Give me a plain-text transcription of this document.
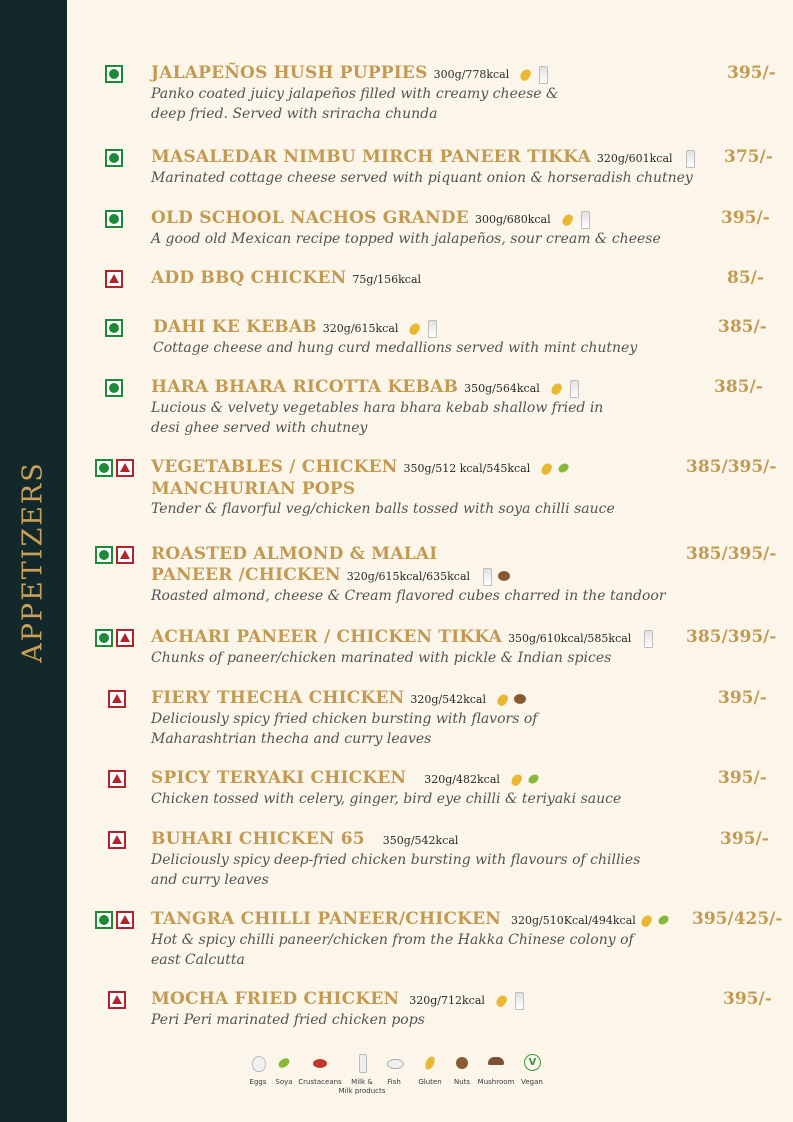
APPETIZERS
JALAPEÑOS HUSH PUPPIES 300g/778kcal
Panko coated juicy jalapeños filled with creamy cheese &
deep fried. Served with sriracha chunda
395/-
MASALEDAR NIMBU MIRCH PANEER TIKKA 320g/601kcal
Marinated cottage cheese served with piquant onion & horseradish chutney
375/-
OLD SCHOOL NACHOS GRANDE 300g/680kcal
A good old Mexican recipe topped with jalapeños, sour cream & cheese
395/-
ADD BBQ CHICKEN 75g/156kcal	85/-
DAHI KE KEBAB 320g/615kcal
Cottage cheese and hung curd medallions served with mint chutney
385/-
HARA BHARA RICOTTA KEBAB 350g/564kcal
Lucious & velvety vegetables hara bhara kebab shallow fried in
desi ghee served with chutney
385/-
VEGETABLES / CHICKEN 350g/512 kcal/545kcal
MANCHURIAN POPS
Tender & flavorful veg/chicken balls tossed with soya chilli sauce
385/395/-
ROASTED ALMOND & MALAI
PANEER /CHICKEN 320g/615kcal/635kcal
Roasted almond, cheese & Cream flavored cubes charred in the tandoor
385/395/-
ACHARI PANEER / CHICKEN TIKKA 350g/610kcal/585kcal
Chunks of paneer/chicken marinated with pickle & Indian spices
385/395/-
FIERY THECHA CHICKEN 320g/542kcal
Deliciously spicy fried chicken bursting with flavors of
Maharashtrian thecha and curry leaves
395/-
SPICY TERYAKI CHICKEN 320g/482kcal
Chicken tossed with celery, ginger, bird eye chilli & teriyaki sauce
395/-
BUHARI CHICKEN 65 350g/542kcal
Deliciously spicy deep-fried chicken bursting with flavours of chillies
and curry leaves
395/-
TANGRA CHILLI PANEER/CHICKEN 320g/510Kcal/494kcal
Hot & spicy chilli paneer/chicken from the Hakka Chinese colony of
east Calcutta
395/425/-
MOCHA FRIED CHICKEN 320g/712kcal
Peri Peri marinated fried chicken pops
395/-
Eggs	Soya Crustaceans	Milk &
Milk products
Fish	Gluten	Nuts	Mushroom
V Vegan
